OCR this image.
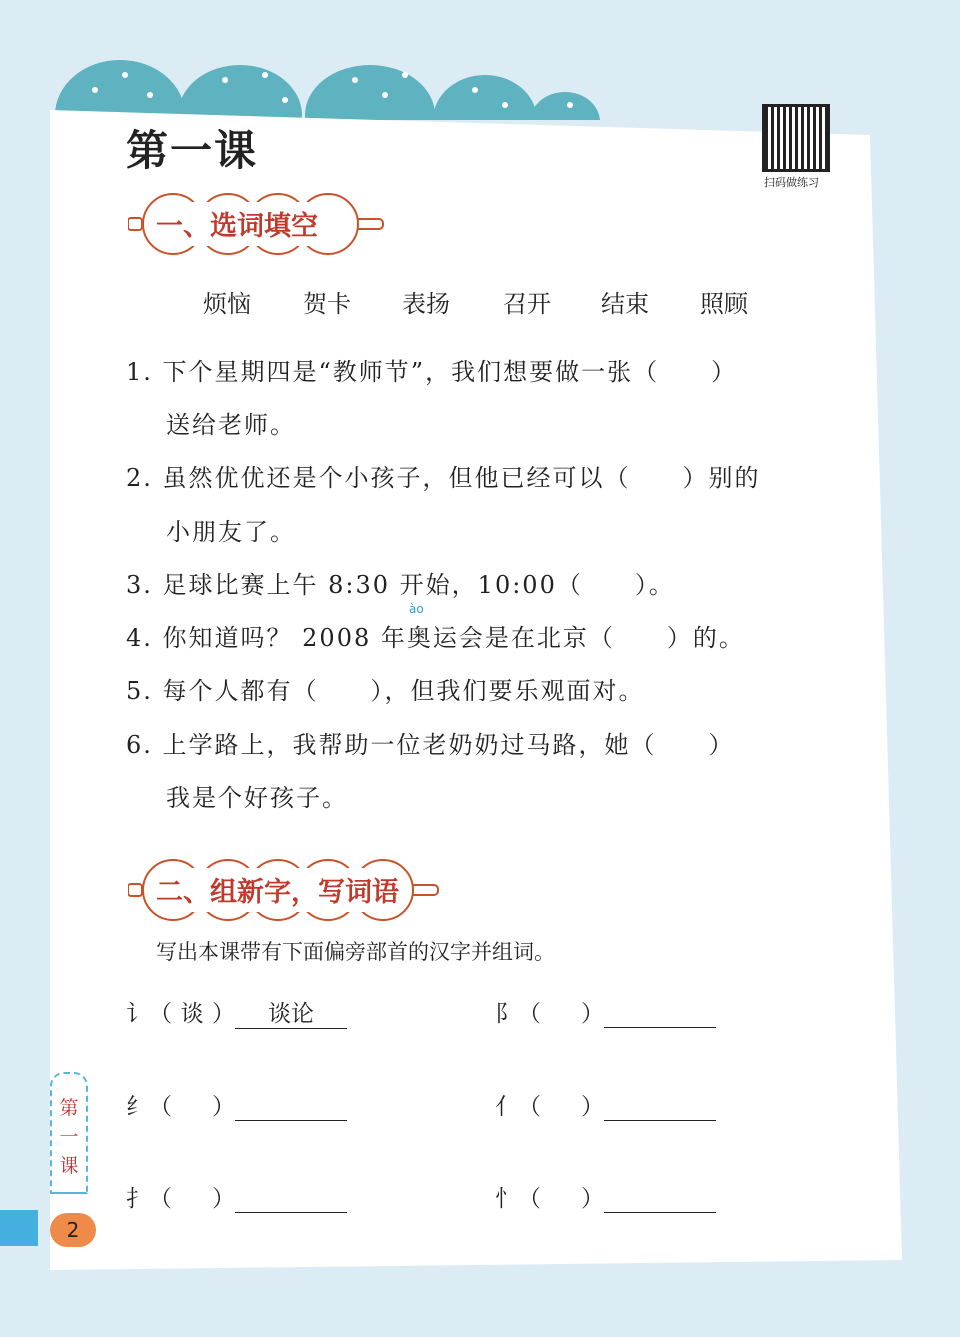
第一课
扫码做练习
一、选词填空
烦恼 贺卡 表扬 召开 结束 照顾
1. 下个星期四是“教师节”，我们想要做一张（　　）
送给老师。
2. 虽然优优还是个小孩子，但他已经可以（　　）别的
小朋友了。
3. 足球比赛上午 8:30 开始，10:00（　　）。
ào
4. 你知道吗？ 2008 年奥运会是在北京（　　）的。
5. 每个人都有（　　），但我们要乐观面对。
6. 上学路上，我帮助一位老奶奶过马路，她（　　）
我是个好孩子。
二、组新字，写词语
写出本课带有下面偏旁部首的汉字并组词。
讠（ 谈 ） 谈论	阝（ ）
纟（ ）	亻（ ）
扌（ ）	忄（ ）
第
一
课
2
